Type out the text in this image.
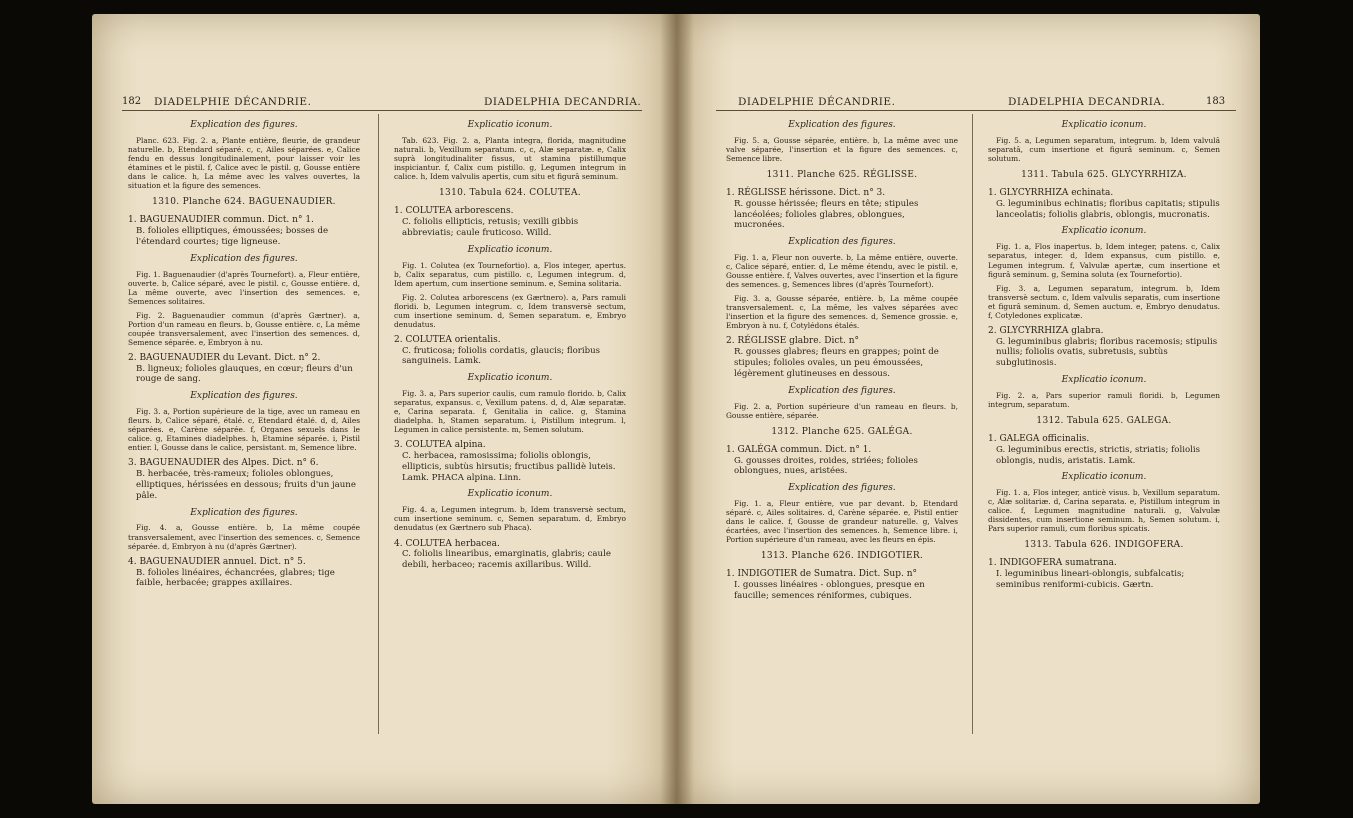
182 DIADELPHIE DÉCANDRIE.	DIADELPHIA DECANDRIA.
Explication des figures.
Planc. 623. Fig. 2. a, Plante entière, fleurie, de grandeur naturelle. b, Etendard séparé. c, c, Ailes séparées. e, Calice fendu en dessus longitudinalement, pour laisser voir les étamines et le pistil. f, Calice avec le pistil. g, Gousse entière dans le calice. h, La même avec les valves ouvertes, la situation et la figure des semences.
1310. Planche 624. BAGUENAUDIER.
1. BAGUENAUDIER commun. Dict. n° 1.
B. folioles elliptiques, émoussées; bosses de l'étendard courtes; tige ligneuse.
Explication des figures.
Fig. 1. Baguenaudier (d'après Tournefort). a, Fleur entière, ouverte. b, Calice séparé, avec le pistil. c, Gousse entière. d, La même ouverte, avec l'insertion des semences. e, Semences solitaires.
Fig. 2. Baguenaudier commun (d'après Gærtner). a, Portion d'un rameau en fleurs. b, Gousse entière. c, La même coupée transversalement, avec l'insertion des semences. d, Semence séparée. e, Embryon à nu.
2. BAGUENAUDIER du Levant. Dict. n° 2.
B. ligneux; folioles glauques, en cœur; fleurs d'un rouge de sang.
Explication des figures.
Fig. 3. a, Portion supérieure de la tige, avec un rameau en fleurs. b, Calice séparé, étalé. c, Etendard étalé. d, d, Ailes séparées. e, Carène séparée. f, Organes sexuels dans le calice. g, Etamines diadelphes. h, Etamine séparée. i, Pistil entier. l, Gousse dans le calice, persistant. m, Semence libre.
3. BAGUENAUDIER des Alpes. Dict. n° 6.
B. herbacée, très-rameux; folioles oblongues, elliptiques, hérissées en dessous; fruits d'un jaune pâle.
Explication des figures.
Fig. 4. a, Gousse entière. b, La même coupée transversalement, avec l'insertion des semences. c, Semence séparée. d, Embryon à nu (d'après Gærtner).
4. BAGUENAUDIER annuel. Dict. n° 5.
B. folioles linéaires, échancrées, glabres; tige faible, herbacée; grappes axillaires.
Explicatio iconum.
Tab. 623. Fig. 2. a, Planta integra, florida, magnitudine naturali. b, Vexillum separatum. c, c, Alæ separatæ. e, Calix suprà longitudinaliter fissus, ut stamina pistillumque inspiciantur. f, Calix cum pistillo. g, Legumen integrum in calice. h, Idem valvulis apertis, cum situ et figurâ seminum.
1310. Tabula 624. COLUTEA.
1. COLUTEA arborescens.
C. foliolis ellipticis, retusis; vexilli gibbis abbreviatis; caule fruticoso. Willd.
Explicatio iconum.
Fig. 1. Colutea (ex Tournefortio). a, Flos integer, apertus. b, Calix separatus, cum pistillo. c, Legumen integrum. d, Idem apertum, cum insertione seminum. e, Semina solitaria.
Fig. 2. Colutea arborescens (ex Gærtnero). a, Pars ramuli floridi. b, Legumen integrum. c, Idem transversè sectum, cum insertione seminum. d, Semen separatum. e, Embryo denudatus.
2. COLUTEA orientalis.
C. fruticosa; foliolis cordatis, glaucis; floribus sanguineis. Lamk.
Explicatio iconum.
Fig. 3. a, Pars superior caulis, cum ramulo florido. b, Calix separatus, expansus. c, Vexillum patens. d, d, Alæ separatæ. e, Carina separata. f, Genitalia in calice. g, Stamina diadelpha. h, Stamen separatum. i, Pistillum integrum. l, Legumen in calice persistente. m, Semen solutum.
3. COLUTEA alpina.
C. herbacea, ramosissima; foliolis oblongis, ellipticis, subtùs hirsutis; fructibus pallidè luteis. Lamk. PHACA alpina. Linn.
Explicatio iconum.
Fig. 4. a, Legumen integrum. b, Idem transversè sectum, cum insertione seminum. c, Semen separatum. d, Embryo denudatus (ex Gærtnero sub Phaca).
4. COLUTEA herbacea.
C. foliolis linearibus, emarginatis, glabris; caule debili, herbaceo; racemis axillaribus. Willd.
DIADELPHIE DÉCANDRIE.	DIADELPHIA DECANDRIA.	183
Explication des figures.
Fig. 5. a, Gousse séparée, entière. b, La même avec une valve séparée, l'insertion et la figure des semences. c, Semence libre.
1311. Planche 625. RÉGLISSE.
1. RÉGLISSE hérissone. Dict. n° 3.
R. gousse hérissée; fleurs en tête; stipules lancéolées; folioles glabres, oblongues, mucronées.
Explication des figures.
Fig. 1. a, Fleur non ouverte. b, La même entière, ouverte. c, Calice séparé, entier. d, Le même étendu, avec le pistil. e, Gousse entière. f, Valves ouvertes, avec l'insertion et la figure des semences. g, Semences libres (d'après Tournefort).
Fig. 3. a, Gousse séparée, entière. b, La même coupée transversalement. c, La même, les valves séparées avec l'insertion et la figure des semences. d, Semence grossie. e, Embryon à nu. f, Cotylédons étalés.
2. RÉGLISSE glabre. Dict. n°
R. gousses glabres; fleurs en grappes; point de stipules; folioles ovales, un peu émoussées, légèrement glutineuses en dessous.
Explication des figures.
Fig. 2. a, Portion supérieure d'un rameau en fleurs. b, Gousse entière, séparée.
1312. Planche 625. GALÉGA.
1. GALÉGA commun. Dict. n° 1.
G. gousses droites, roides, striées; folioles oblongues, nues, aristées.
Explication des figures.
Fig. 1. a, Fleur entière, vue par devant. b, Etendard séparé. c, Ailes solitaires. d, Carène séparée. e, Pistil entier dans le calice. f, Gousse de grandeur naturelle. g, Valves écartées, avec l'insertion des semences. h, Semence libre. i, Portion supérieure d'un rameau, avec les fleurs en épis.
1313. Planche 626. INDIGOTIER.
1. INDIGOTIER de Sumatra. Dict. Sup. n°
I. gousses linéaires - oblongues, presque en faucille; semences réniformes, cubiques.
Explicatio iconum.
Fig. 5. a, Legumen separatum, integrum. b, Idem valvulâ separatâ, cum insertione et figurâ seminum. c, Semen solutum.
1311. Tabula 625. GLYCYRRHIZA.
1. GLYCYRRHIZA echinata.
G. leguminibus echinatis; floribus capitatis; stipulis lanceolatis; foliolis glabris, oblongis, mucronatis.
Explicatio iconum.
Fig. 1. a, Flos inapertus. b, Idem integer, patens. c, Calix separatus, integer. d, Idem expansus, cum pistillo. e, Legumen integrum. f, Valvulæ apertæ, cum insertione et figurâ seminum. g, Semina soluta (ex Tournefortio).
Fig. 3. a, Legumen separatum, integrum. b, Idem transversè sectum. c, Idem valvulis separatis, cum insertione et figurâ seminum. d, Semen auctum. e, Embryo denudatus. f, Cotyledones explicatæ.
2. GLYCYRRHIZA glabra.
G. leguminibus glabris; floribus racemosis; stipulis nullis; foliolis ovatis, subretusis, subtùs subglutinosis.
Explicatio iconum.
Fig. 2. a, Pars superior ramuli floridi. b, Legumen integrum, separatum.
1312. Tabula 625. GALEGA.
1. GALEGA officinalis.
G. leguminibus erectis, strictis, striatis; foliolis oblongis, nudis, aristatis. Lamk.
Explicatio iconum.
Fig. 1. a, Flos integer, anticè visus. b, Vexillum separatum. c, Alæ solitariæ. d, Carina separata. e, Pistillum integrum in calice. f, Legumen magnitudine naturali. g, Valvulæ dissidentes, cum insertione seminum. h, Semen solutum. i, Pars superior ramuli, cum floribus spicatis.
1313. Tabula 626. INDIGOFERA.
1. INDIGOFERA sumatrana.
I. leguminibus lineari-oblongis, subfalcatis; seminibus reniformi-cubicis. Gærtn.
